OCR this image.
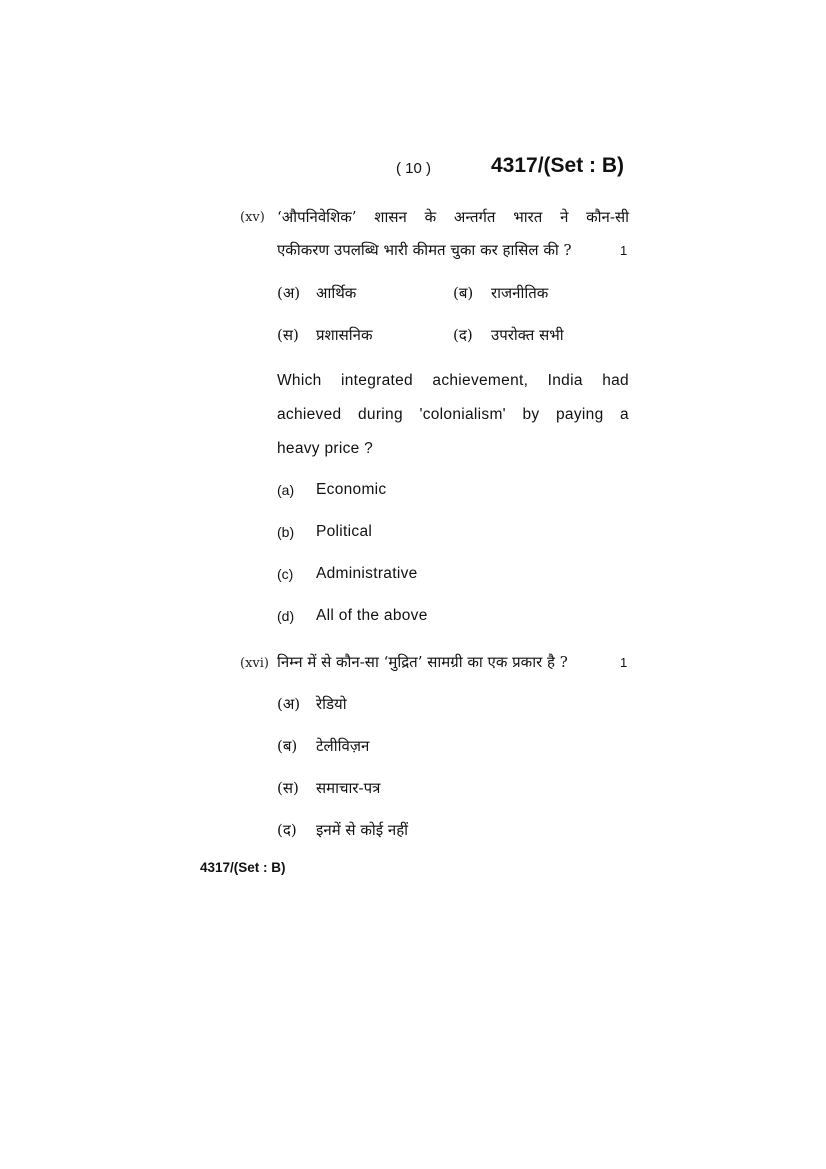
( 10 )	4317/(Set : B)
(xv) ‘औपनिवेशिक’ शासन के अन्तर्गत भारत ने कौन-सी
एकीकरण उपलब्धि भारी कीमत चुका कर हासिल की ?	1
(अ) आर्थिक	(ब) राजनीतिक
(स) प्रशासनिक	(द) उपरोक्त सभी
Which integrated achievement, India had
achieved during 'colonialism' by paying a
heavy price ?
(a) Economic
(b) Political
(c) Administrative
(d) All of the above
(xvi) निम्न में से कौन-सा ‘मुद्रित’ सामग्री का एक प्रकार है ?	1
(अ) रेडियो
(ब) टेलीविज़न
(स) समाचार-पत्र
(द) इनमें से कोई नहीं
4317/(Set : B)
